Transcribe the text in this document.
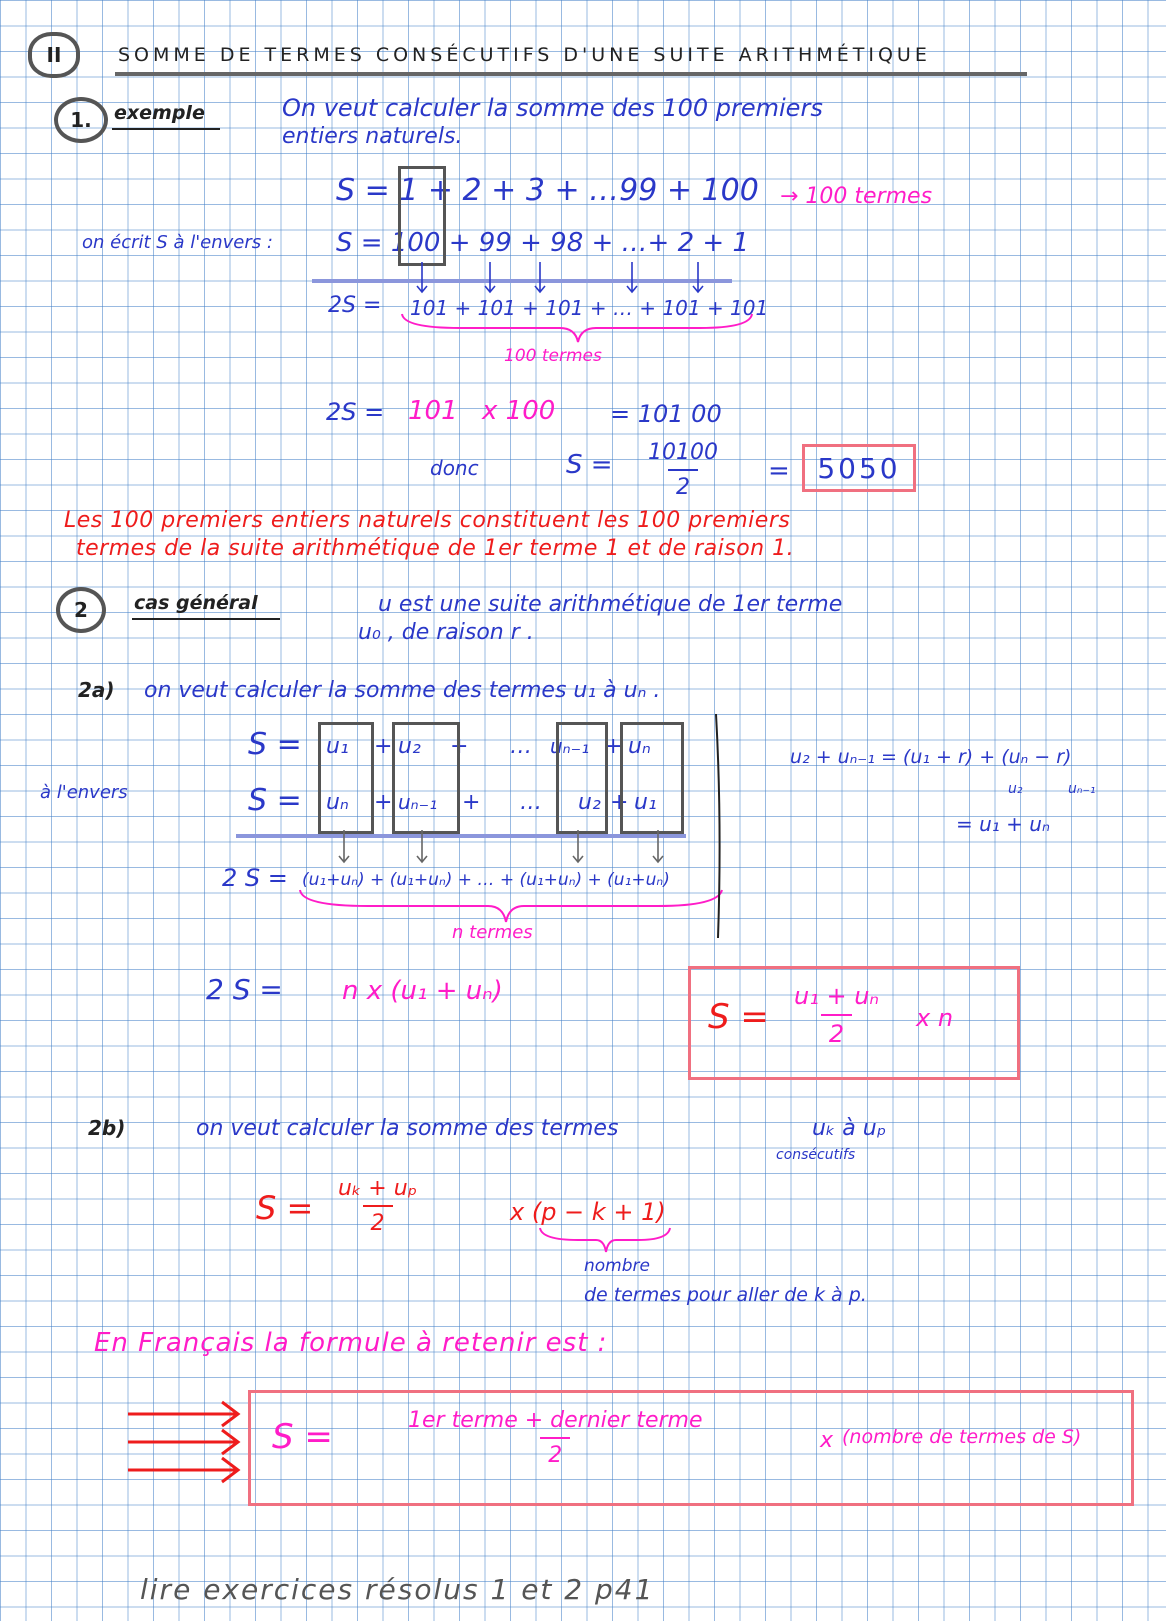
II	SOMME DE TERMES CONSÉCUTIFS D'UNE SUITE ARITHMÉTIQUE
1. exemple	On veut calculer la somme des 100 premiers
entiers naturels.
S = 1 + 2 + 3 + …99 + 100 → 100 termes
on écrit S à l'envers : S = 100 + 99 + 98 + …+ 2 + 1
2S = 101 + 101 + 101 + … + 101 + 101
100 termes
2S = 101 x 100 = 101 00
donc	$S = \frac{10100}{2} = 5050$
Les 100 premiers entiers naturels constituent les 100 premiers
termes de la suite arithmétique de 1er terme 1 et de raison 1.
2 cas général	u est une suite arithmétique de 1er terme
u₀ , de raison r .
2a) on veut calculer la somme des termes u₁ à uₙ .
à l'envers
S = u₁ + u₂ + … uₙ₋₁ + uₙ
S = uₙ + uₙ₋₁ + … u₂ + u₁
2 S = (u₁+uₙ) + (u₁+uₙ) + … + (u₁+uₙ) + (u₁+uₙ)
n termes
u₂ + uₙ₋₁ = (u₁ + r) + (uₙ − r)
u₂	uₙ₋₁
= u₁ + uₙ
2 S = n x (u₁ + uₙ)
$S = \frac{\text{u₁ + uₙ}}{2}$ x n
2b)	on veut calculer la somme des termes	uₖ à uₚ
consécutifs
$S = \frac{\text{uₖ + uₚ}}{2}$	x (p − k + 1)
nombre
de termes pour aller de k à p.
En Français la formule à retenir est :
S =	1er terme + dernier terme
2
x (nombre de termes de S)
lire exercices résolus 1 et 2 p41
